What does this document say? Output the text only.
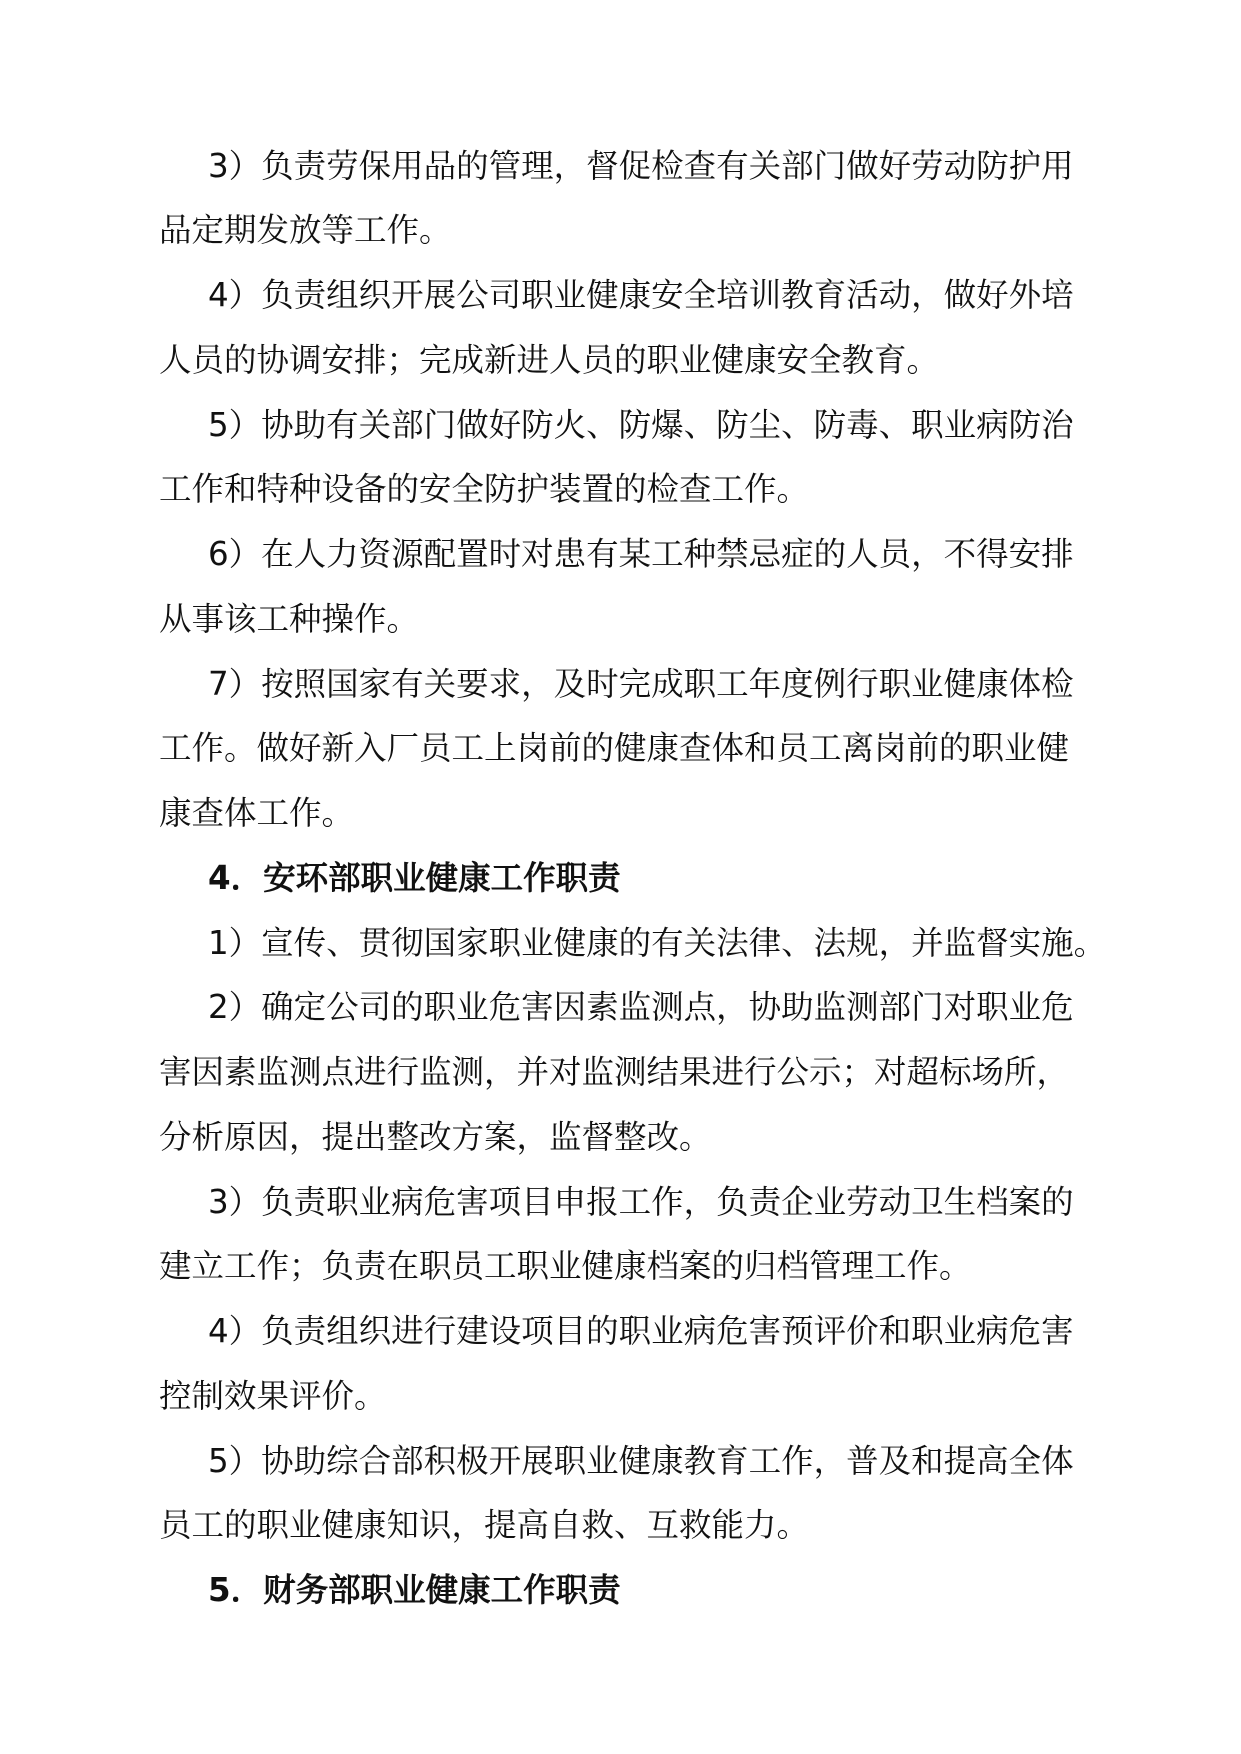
3）负责劳保用品的管理，督促检查有关部门做好劳动防护用
品定期发放等工作。
4）负责组织开展公司职业健康安全培训教育活动，做好外培
人员的协调安排；完成新进人员的职业健康安全教育。
5）协助有关部门做好防火、防爆、防尘、防毒、职业病防治
工作和特种设备的安全防护装置的检查工作。
6）在人力资源配置时对患有某工种禁忌症的人员，不得安排
从事该工种操作。
7）按照国家有关要求，及时完成职工年度例行职业健康体检
工作。做好新入厂员工上岗前的健康查体和员工离岗前的职业健
康查体工作。
4．安环部职业健康工作职责
1）宣传、贯彻国家职业健康的有关法律、法规，并监督实施。
2）确定公司的职业危害因素监测点，协助监测部门对职业危
害因素监测点进行监测，并对监测结果进行公示；对超标场所，
分析原因，提出整改方案，监督整改。
3）负责职业病危害项目申报工作，负责企业劳动卫生档案的
建立工作；负责在职员工职业健康档案的归档管理工作。
4）负责组织进行建设项目的职业病危害预评价和职业病危害
控制效果评价。
5）协助综合部积极开展职业健康教育工作，普及和提高全体
员工的职业健康知识，提高自救、互救能力。
5．财务部职业健康工作职责
